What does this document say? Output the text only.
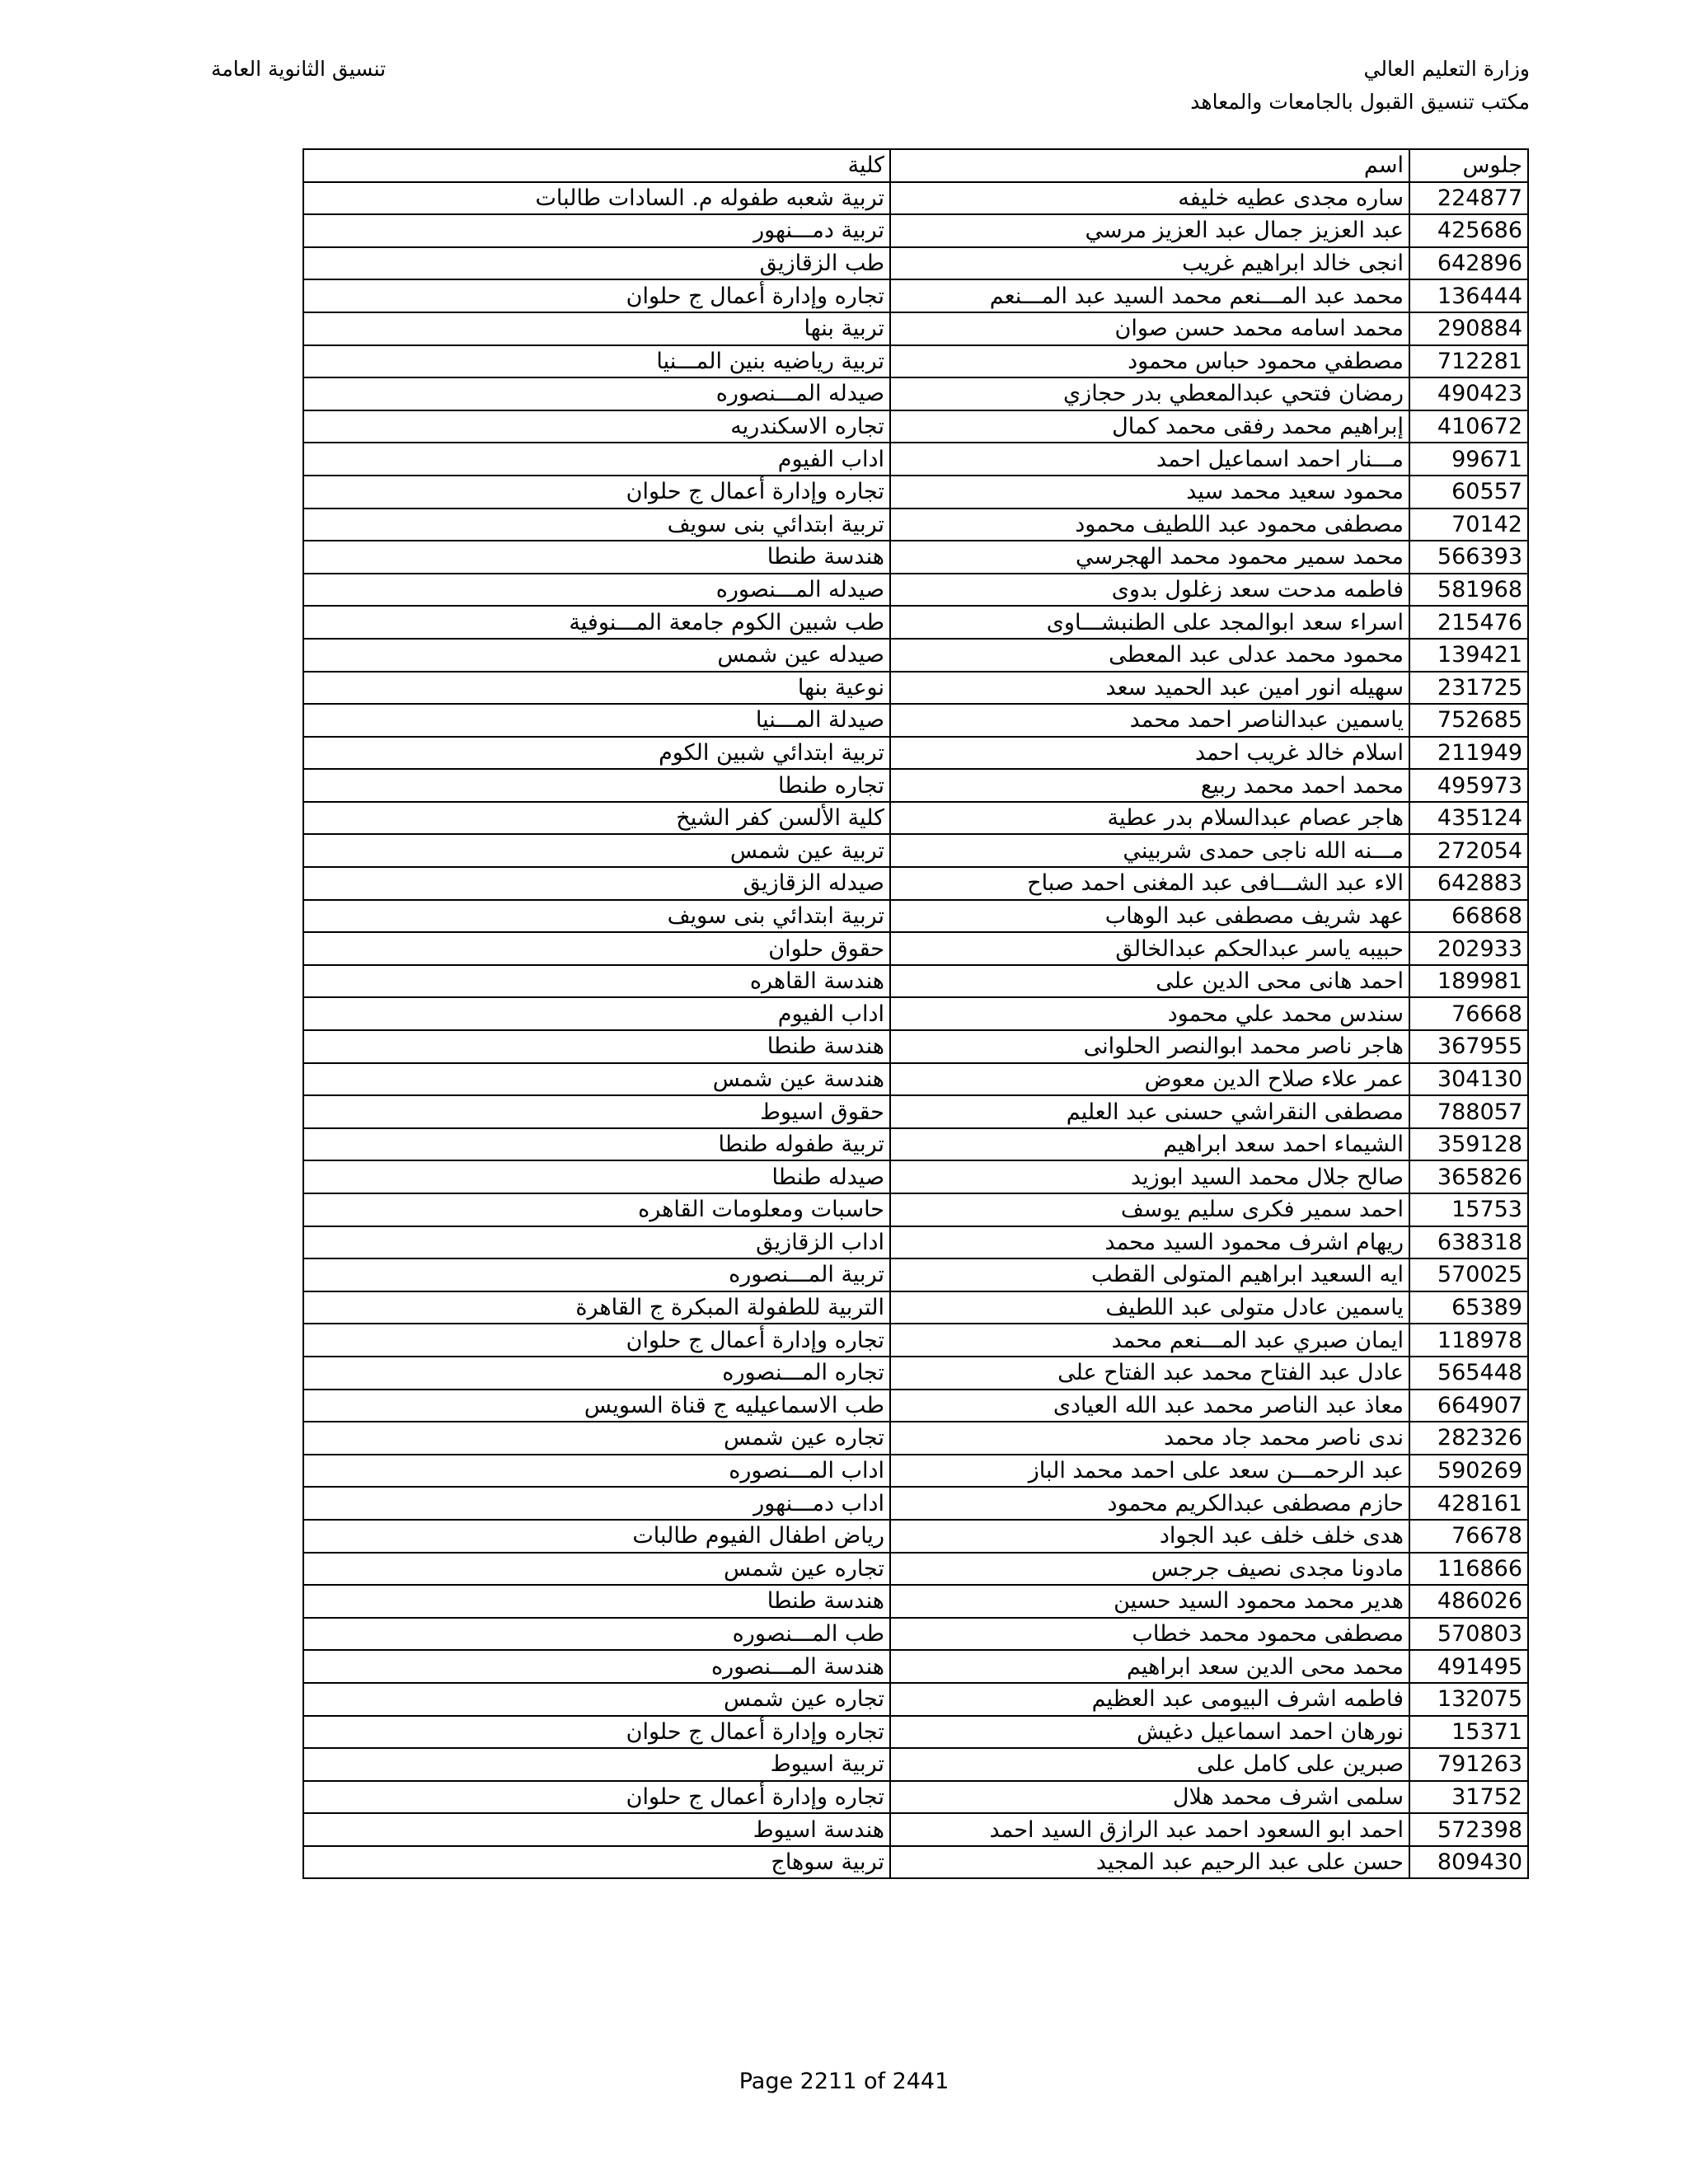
وزارة التعليم العالي
مكتب تنسيق القبول بالجامعات والمعاهد
تنسيق الثانوية العامة
جلوس	اسم	كلية
224877	ساره مجدى عطيه خليفه	تربية شعبه طفوله م. السادات طالبات
425686	عبد العزيز جمال عبد العزيز مرسي	تربية دمـــنهور
642896	انجى خالد ابراهيم غريب	طب الزقازيق
136444	محمد عبد المـــنعم محمد السيد عبد المـــنعم	تجاره وإدارة أعمال ج حلوان
290884	محمد اسامه محمد حسن صوان	تربية بنها
712281	مصطفي محمود حباس محمود	تربية رياضيه بنين المـــنيا
490423	رمضان فتحي عبدالمعطي بدر حجازي	صيدله المـــنصوره
410672	إبراهيم محمد رفقى محمد كمال	تجاره الاسكندريه
99671	مـــنار احمد اسماعيل احمد	اداب الفيوم
60557	محمود سعيد محمد سيد	تجاره وإدارة أعمال ج حلوان
70142	مصطفى محمود عبد اللطيف محمود	تربية ابتدائي بنى سويف
566393	محمد سمير محمود محمد الهجرسي	هندسة طنطا
581968	فاطمه مدحت سعد زغلول بدوى	صيدله المـــنصوره
215476	اسراء سعد ابوالمجد على الطنبشـــاوى	طب شبين الكوم جامعة المـــنوفية
139421	محمود محمد عدلى عبد المعطى	صيدله عين شمس
231725	سهيله انور امين عبد الحميد سعد	نوعية بنها
752685	ياسمين عبدالناصر احمد محمد	صيدلة المـــنيا
211949	اسلام خالد غريب احمد	تربية ابتدائي شبين الكوم
495973	محمد احمد محمد ربيع	تجاره طنطا
435124	هاجر عصام عبدالسلام بدر عطية	كلية الألسن كفر الشيخ
272054	مـــنه الله ناجى حمدى شربيني	تربية عين شمس
642883	الاء عبد الشـــافى عبد المغنى احمد صباح	صيدله الزقازيق
66868	عهد شريف مصطفى عبد الوهاب	تربية ابتدائي بنى سويف
202933	حبيبه ياسر عبدالحكم عبدالخالق	حقوق حلوان
189981	احمد هانى محى الدين على	هندسة القاهره
76668	سندس محمد علي محمود	اداب الفيوم
367955	هاجر ناصر محمد ابوالنصر الحلوانى	هندسة طنطا
304130	عمر علاء صلاح الدين معوض	هندسة عين شمس
788057	مصطفى النقراشي حسنى عبد العليم	حقوق اسيوط
359128	الشيماء احمد سعد ابراهيم	تربية طفوله طنطا
365826	صالح جلال محمد السيد ابوزيد	صيدله طنطا
15753	احمد سمير فكرى سليم يوسف	حاسبات ومعلومات القاهره
638318	ريهام اشرف محمود السيد محمد	اداب الزقازيق
570025	ايه السعيد ابراهيم المتولى القطب	تربية المـــنصوره
65389	ياسمين عادل متولى عبد اللطيف	التربية للطفولة المبكرة ج القاهرة
118978	ايمان صبري عبد المـــنعم محمد	تجاره وإدارة أعمال ج حلوان
565448	عادل عبد الفتاح محمد عبد الفتاح على	تجاره المـــنصوره
664907	معاذ عبد الناصر محمد عبد الله العيادى	طب الاسماعيليه ج قناة السويس
282326	ندى ناصر محمد جاد محمد	تجاره عين شمس
590269	عبد الرحمـــن سعد على احمد محمد الباز	اداب المـــنصوره
428161	حازم مصطفى عبدالكريم محمود	اداب دمـــنهور
76678	هدى خلف خلف عبد الجواد	رياض اطفال الفيوم طالبات
116866	مادونا مجدى نصيف جرجس	تجاره عين شمس
486026	هدير محمد محمود السيد حسين	هندسة طنطا
570803	مصطفى محمود محمد خطاب	طب المـــنصوره
491495	محمد محى الدين سعد ابراهيم	هندسة المـــنصوره
132075	فاطمه اشرف البيومى عبد العظيم	تجاره عين شمس
15371	نورهان احمد اسماعيل دغيش	تجاره وإدارة أعمال ج حلوان
791263	صبرين على كامل على	تربية اسيوط
31752	سلمى اشرف محمد هلال	تجاره وإدارة أعمال ج حلوان
572398	احمد ابو السعود احمد عبد الرازق السيد احمد	هندسة اسيوط
809430	حسن على عبد الرحيم عبد المجيد	تربية سوهاج
Page 2211 of 2441
